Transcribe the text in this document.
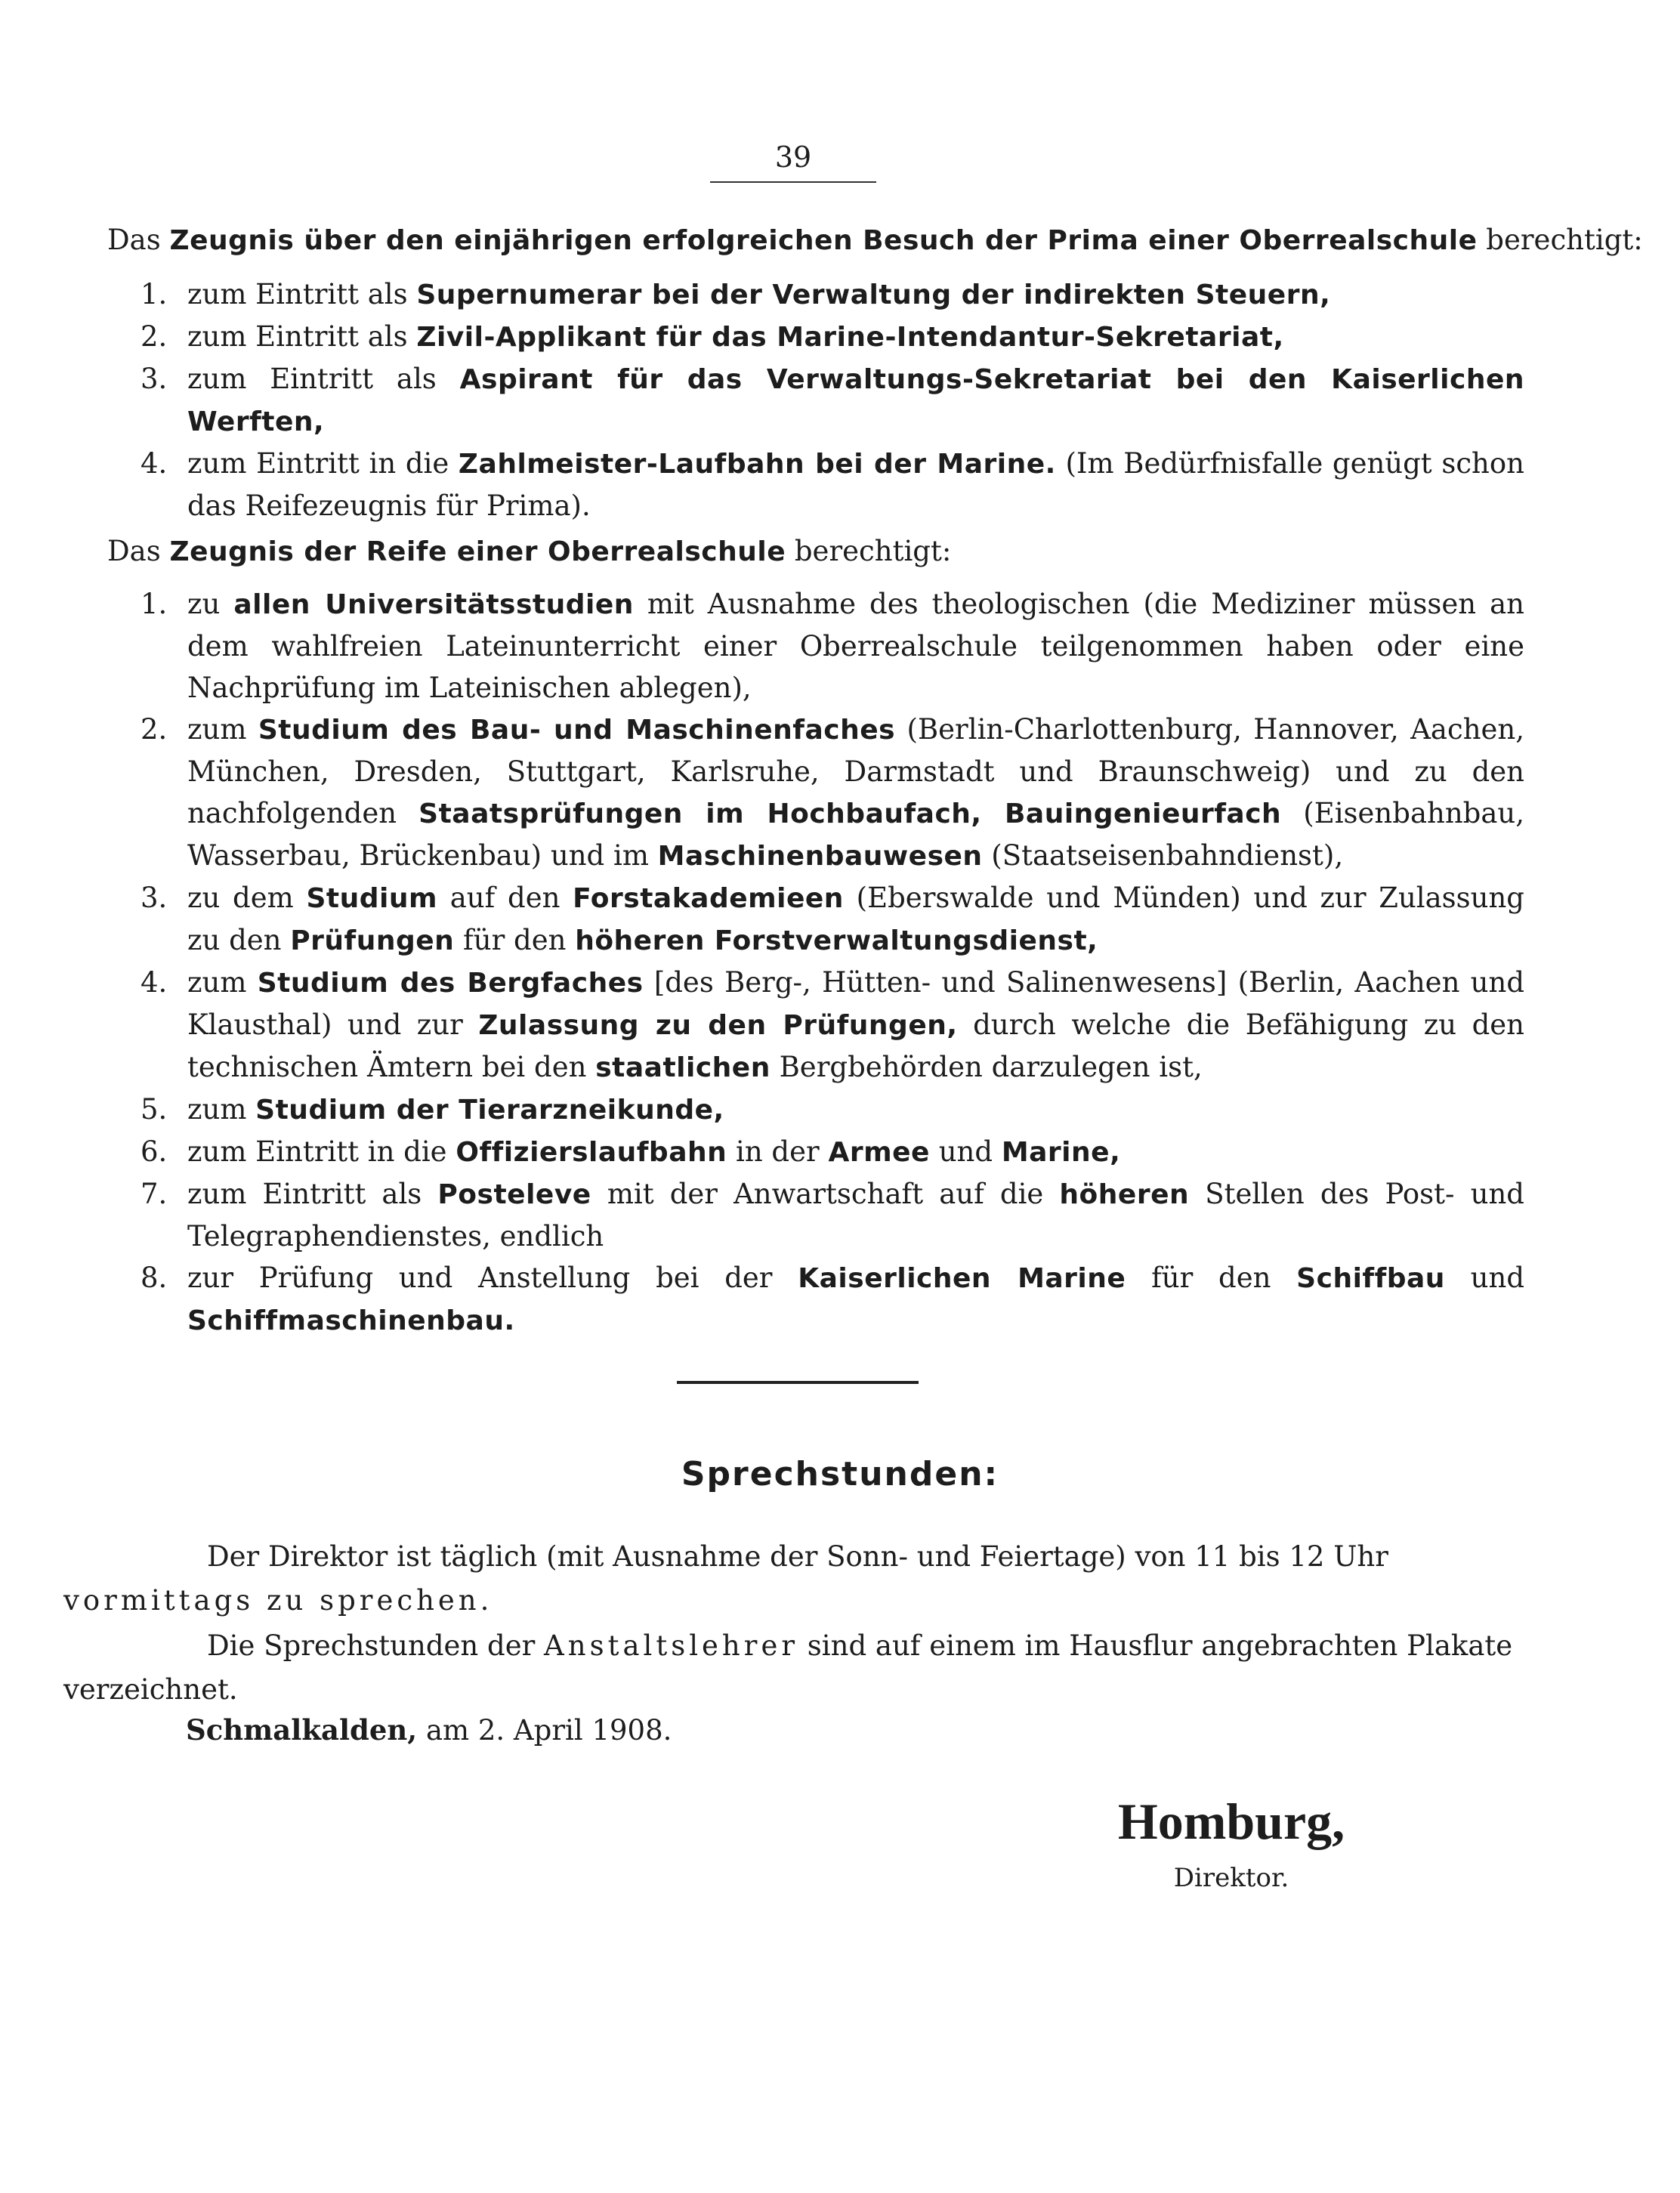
39
Das Zeugnis über den einjährigen erfolgreichen Besuch der Prima einer Oberrealschule berechtigt:
1. zum Eintritt als Supernumerar bei der Verwaltung der indirekten Steuern,
2. zum Eintritt als Zivil-Applikant für das Marine-Intendantur-Sekretariat,
3. zum Eintritt als Aspirant für das Verwaltungs-Sekretariat bei den Kaiserlichen Werften,
4. zum Eintritt in die Zahlmeister-Laufbahn bei der Marine. (Im Bedürfnisfalle genügt schon das Reifezeugnis für Prima).
Das Zeugnis der Reife einer Oberrealschule berechtigt:
1. zu allen Universitätsstudien mit Ausnahme des theologischen (die Mediziner müssen an dem wahlfreien Lateinunterricht einer Oberrealschule teilgenommen haben oder eine Nachprüfung im Lateinischen ablegen),
2. zum Studium des Bau- und Maschinenfaches (Berlin-Charlottenburg, Hannover, Aachen, München, Dresden, Stuttgart, Karlsruhe, Darmstadt und Braunschweig) und zu den nachfolgenden Staatsprüfungen im Hochbaufach, Bauingenieurfach (Eisenbahnbau, Wasserbau, Brückenbau) und im Maschinenbauwesen (Staatseisenbahndienst),
3. zu dem Studium auf den Forstakademieen (Eberswalde und Münden) und zur Zulassung zu den Prüfungen für den höheren Forstverwaltungsdienst,
4. zum Studium des Bergfaches [des Berg-, Hütten- und Salinenwesens] (Berlin, Aachen und Klausthal) und zur Zulassung zu den Prüfungen, durch welche die Befähigung zu den technischen Ämtern bei den staatlichen Bergbehörden darzulegen ist,
5. zum Studium der Tierarzneikunde,
6. zum Eintritt in die Offizierslaufbahn in der Armee und Marine,
7. zum Eintritt als Posteleve mit der Anwartschaft auf die höheren Stellen des Post- und Telegraphendienstes, endlich
8. zur Prüfung und Anstellung bei der Kaiserlichen Marine für den Schiffbau und Schiffmaschinenbau.
Sprechstunden:

Der Direktor ist täglich (mit Ausnahme der Sonn- und Feiertage) von 11 bis 12 Uhr
vormittags zu sprechen.

Die Sprechstunden der Anstaltslehrer sind auf einem im Hausflur angebrachten Plakate verzeichnet.

Schmalkalden, am 2. April 1908.
Homburg,
Direktor.
